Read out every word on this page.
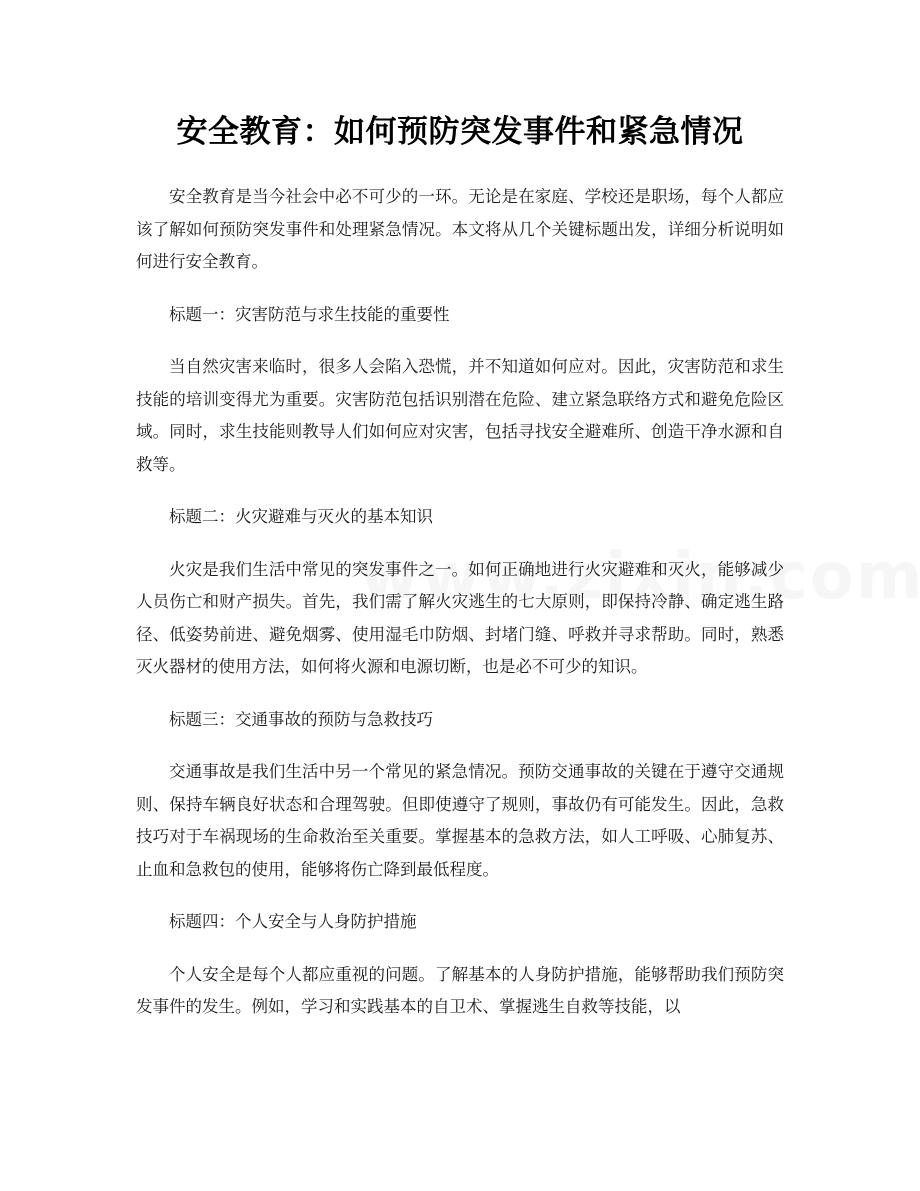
安全教育：如何预防突发事件和紧急情况

安全教育是当今社会中必不可少的一环。无论是在家庭、学校还是职场，每个人都应该了解如何预防突发事件和处理紧急情况。本文将从几个关键标题出发，详细分析说明如何进行安全教育。

标题一：灾害防范与求生技能的重要性

当自然灾害来临时，很多人会陷入恐慌，并不知道如何应对。因此，灾害防范和求生技能的培训变得尤为重要。灾害防范包括识别潜在危险、建立紧急联络方式和避免危险区域。同时，求生技能则教导人们如何应对灾害，包括寻找安全避难所、创造干净水源和自救等。

标题二：火灾避难与灭火的基本知识

火灾是我们生活中常见的突发事件之一。如何正确地进行火灾避难和灭火，能够减少人员伤亡和财产损失。首先，我们需了解火灾逃生的七大原则，即保持冷静、确定逃生路径、低姿势前进、避免烟雾、使用湿毛巾防烟、封堵门缝、呼救并寻求帮助。同时，熟悉灭火器材的使用方法，如何将火源和电源切断，也是必不可少的知识。

标题三：交通事故的预防与急救技巧

交通事故是我们生活中另一个常见的紧急情况。预防交通事故的关键在于遵守交通规则、保持车辆良好状态和合理驾驶。但即使遵守了规则，事故仍有可能发生。因此，急救技巧对于车祸现场的生命救治至关重要。掌握基本的急救方法，如人工呼吸、心肺复苏、止血和急救包的使用，能够将伤亡降到最低程度。

标题四：个人安全与人身防护措施

个人安全是每个人都应重视的问题。了解基本的人身防护措施，能够帮助我们预防突发事件的发生。例如，学习和实践基本的自卫术、掌握逃生自救等技能，以
